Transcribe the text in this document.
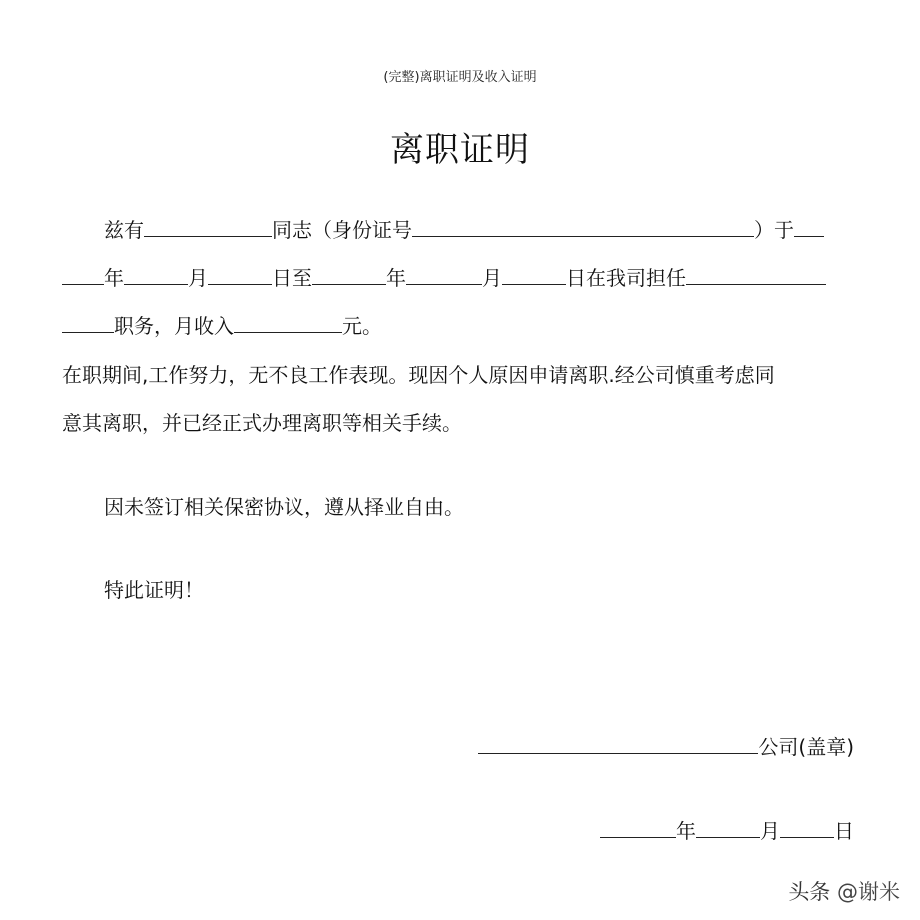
(完整)离职证明及收入证明
离职证明
兹有	同志（身份证号	）于
年	月	日至	年	月	日在我司担任
职务，月收入	元。
在职期间,工作努力，无不良工作表现。现因个人原因申请离职.经公司慎重考虑同
意其离职，并已经正式办理离职等相关手续。
因未签订相关保密协议，遵从择业自由。
特此证明！
公司(盖章)
年	月	日
头条 @谢米
